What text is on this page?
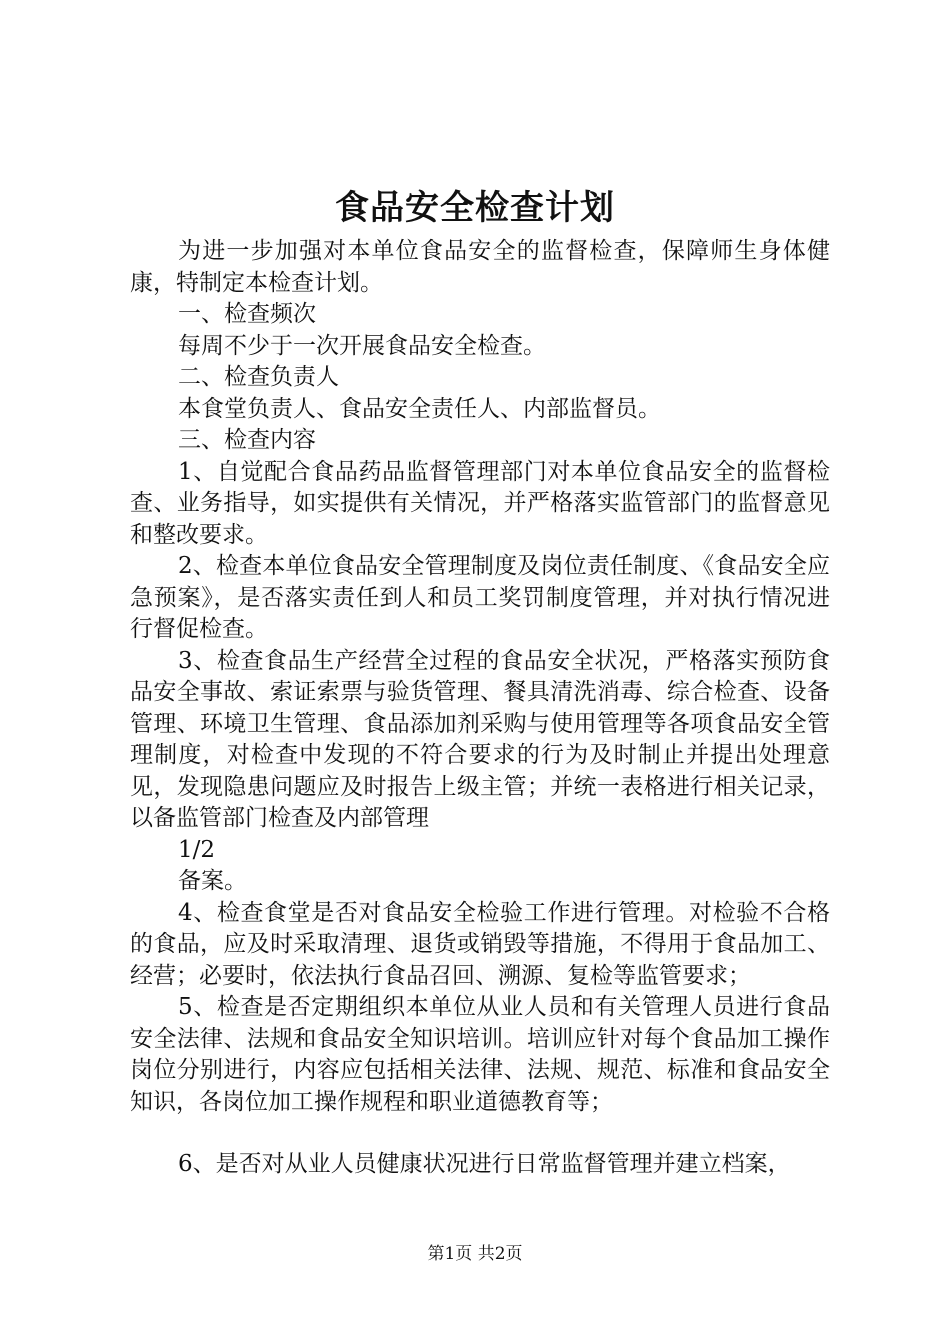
食品安全检查计划

为进一步加强对本单位食品安全的监督检查，保障师生身体健康，特制定本检查计划。

一、检查频次

每周不少于一次开展食品安全检查。

二、检查负责人

本食堂负责人、食品安全责任人、内部监督员。

三、检查内容

1、自觉配合食品药品监督管理部门对本单位食品安全的监督检查、业务指导，如实提供有关情况，并严格落实监管部门的监督意见和整改要求。

2、检查本单位食品安全管理制度及岗位责任制度、《食品安全应急预案》，是否落实责任到人和员工奖罚制度管理，并对执行情况进行督促检查。

3、检查食品生产经营全过程的食品安全状况，严格落实预防食品安全事故、索证索票与验货管理、餐具清洗消毒、综合检查、设备管理、环境卫生管理、食品添加剂采购与使用管理等各项食品安全管理制度，对检查中发现的不符合要求的行为及时制止并提出处理意见，发现隐患问题应及时报告上级主管；并统一表格进行相关记录，以备监管部门检查及内部管理

1/2

备案。

4、检查食堂是否对食品安全检验工作进行管理。对检验不合格的食品，应及时采取清理、退货或销毁等措施，不得用于食品加工、经营；必要时，依法执行食品召回、溯源、复检等监管要求；

5、检查是否定期组织本单位从业人员和有关管理人员进行食品安全法律、法规和食品安全知识培训。培训应针对每个食品加工操作岗位分别进行，内容应包括相关法律、法规、规范、标准和食品安全知识，各岗位加工操作规程和职业道德教育等；

6、是否对从业人员健康状况进行日常监督管理并建立档案，

第1页 共2页
